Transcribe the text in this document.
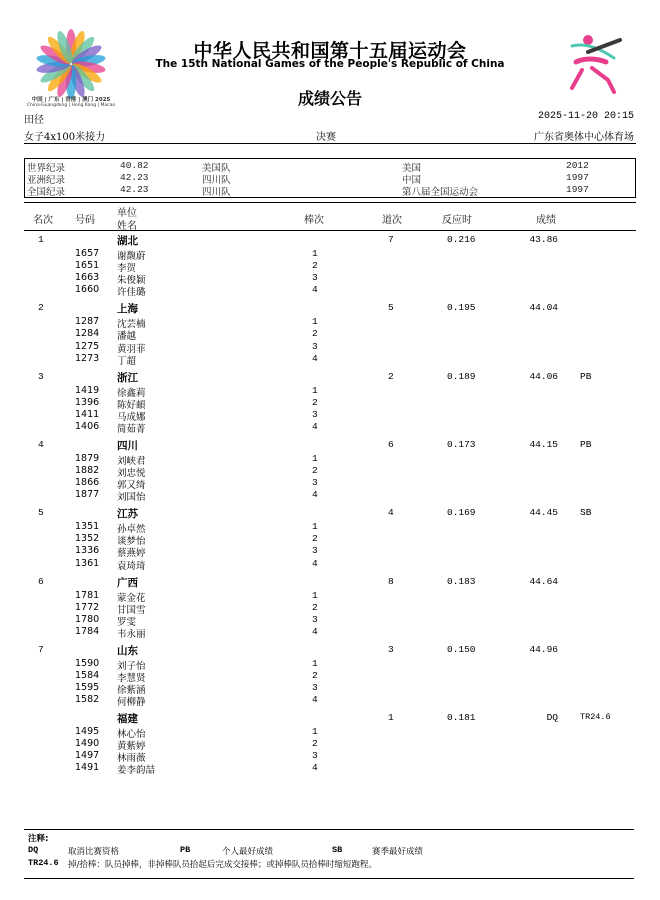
中国 | 广东 | 香港 | 澳门 2025
China·Guangdong | Hong Kong | Macao
中华人民共和国第十五届运动会
The 15th National Games of the People's Republic of China
成绩公告
田径	2025-11-20 20:15
女子4x100米接力	决赛	广东省奥体中心体育场
世界纪录	40.82	美国队	美国	2012
亚洲纪录	42.23	四川队	中国	1997
全国纪录	42.23	四川队	第八届全国运动会	1997
名次 号码
单位
姓名
棒次	道次	反应时	成绩
1	湖北	7	0.216	43.86
1657 谢馥蔚	1
1651 李贺	2
1663 朱俊颖	3
1660 许佳璐	4
2	上海	5	0.195	44.04
1287 沈芸楠	1
1284 潘越	2
1275 黄羽菲	3
1273 丁超	4
3	浙江	2	0.189	44.06 PB
1419 徐鑫莉	1
1396 陈好頔	2
1411 马成娜	3
1406 简茹菁	4
4	四川	6	0.173	44.15 PB
1879 刘峡君	1
1882 刘忠悦	2
1866 郭又绮	3
1877 刘国怡	4
5	江苏	4	0.169	44.45 SB
1351 孙卓然	1
1352 谈梦怡	2
1336 蔡燕婷	3
1361 袁琦琦	4
6	广西	8	0.183	44.64
1781 蒙金花	1
1772 甘国雪	2
1780 罗雯	3
1784 韦永丽	4
7	山东	3	0.150	44.96
1590 刘子怡	1
1584 李慧贤	2
1595 徐紫涵	3
1582 何柳静	4
福建	1	0.181	DQ	TR24.6
1495 林心怡	1
1490 黄紫婷	2
1497 林雨薇	3
1491 姜李韵喆	4
注释:
DQ	取消比赛资格	PB	个人最好成绩	SB	赛季最好成绩
TR24.6 掉/拾棒：队员掉棒，非掉棒队员拾起后完成交接棒；或掉棒队员拾棒时缩短跑程。
